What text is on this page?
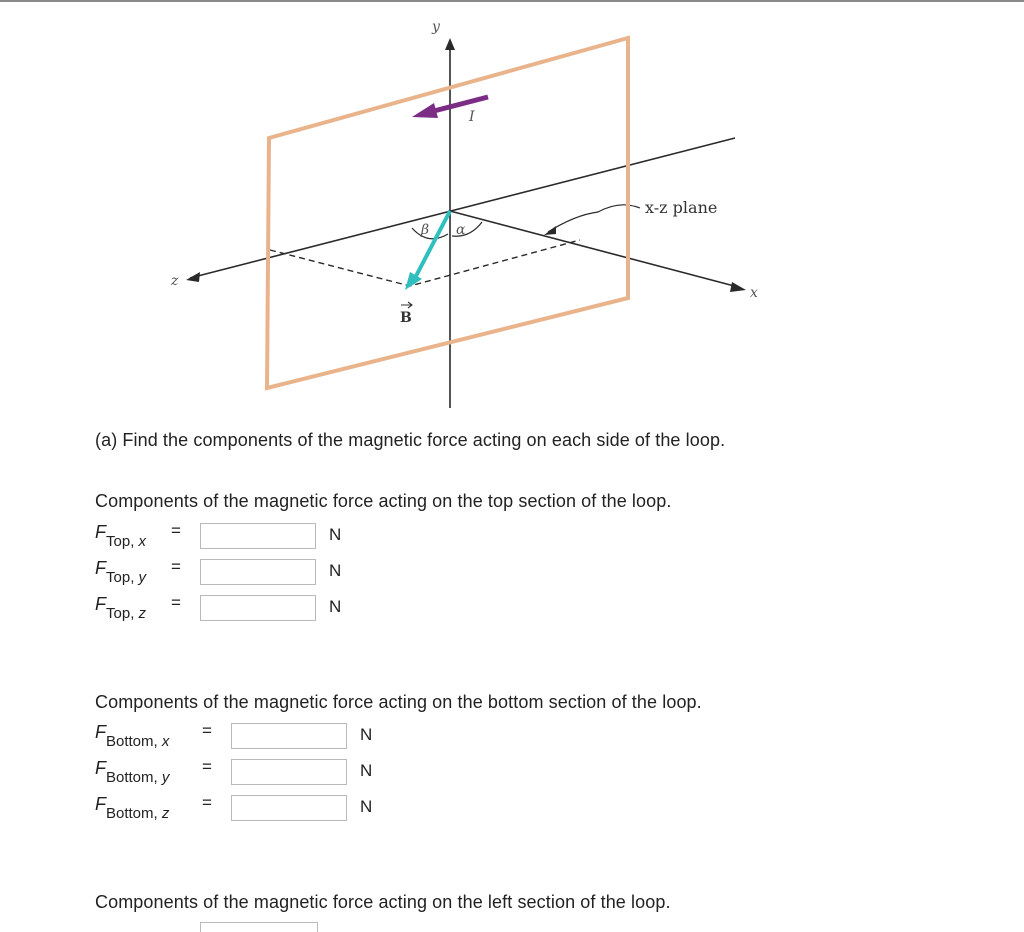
y
I
β α
x-z plane
x
z
B

(a) Find the components of the magnetic force acting on each side of the loop.

Components of the magnetic force acting on the top section of the loop.

$F_{Top, x}$
=	N
$F_{Top, y}$
=	N
$F_{Top, z}$
=	N

Components of the magnetic force acting on the bottom section of the loop.

$F_{Bottom, x}$
=	N
$F_{Bottom, y}$
=	N
$F_{Bottom, z}$
=	N

Components of the magnetic force acting on the left section of the loop.
